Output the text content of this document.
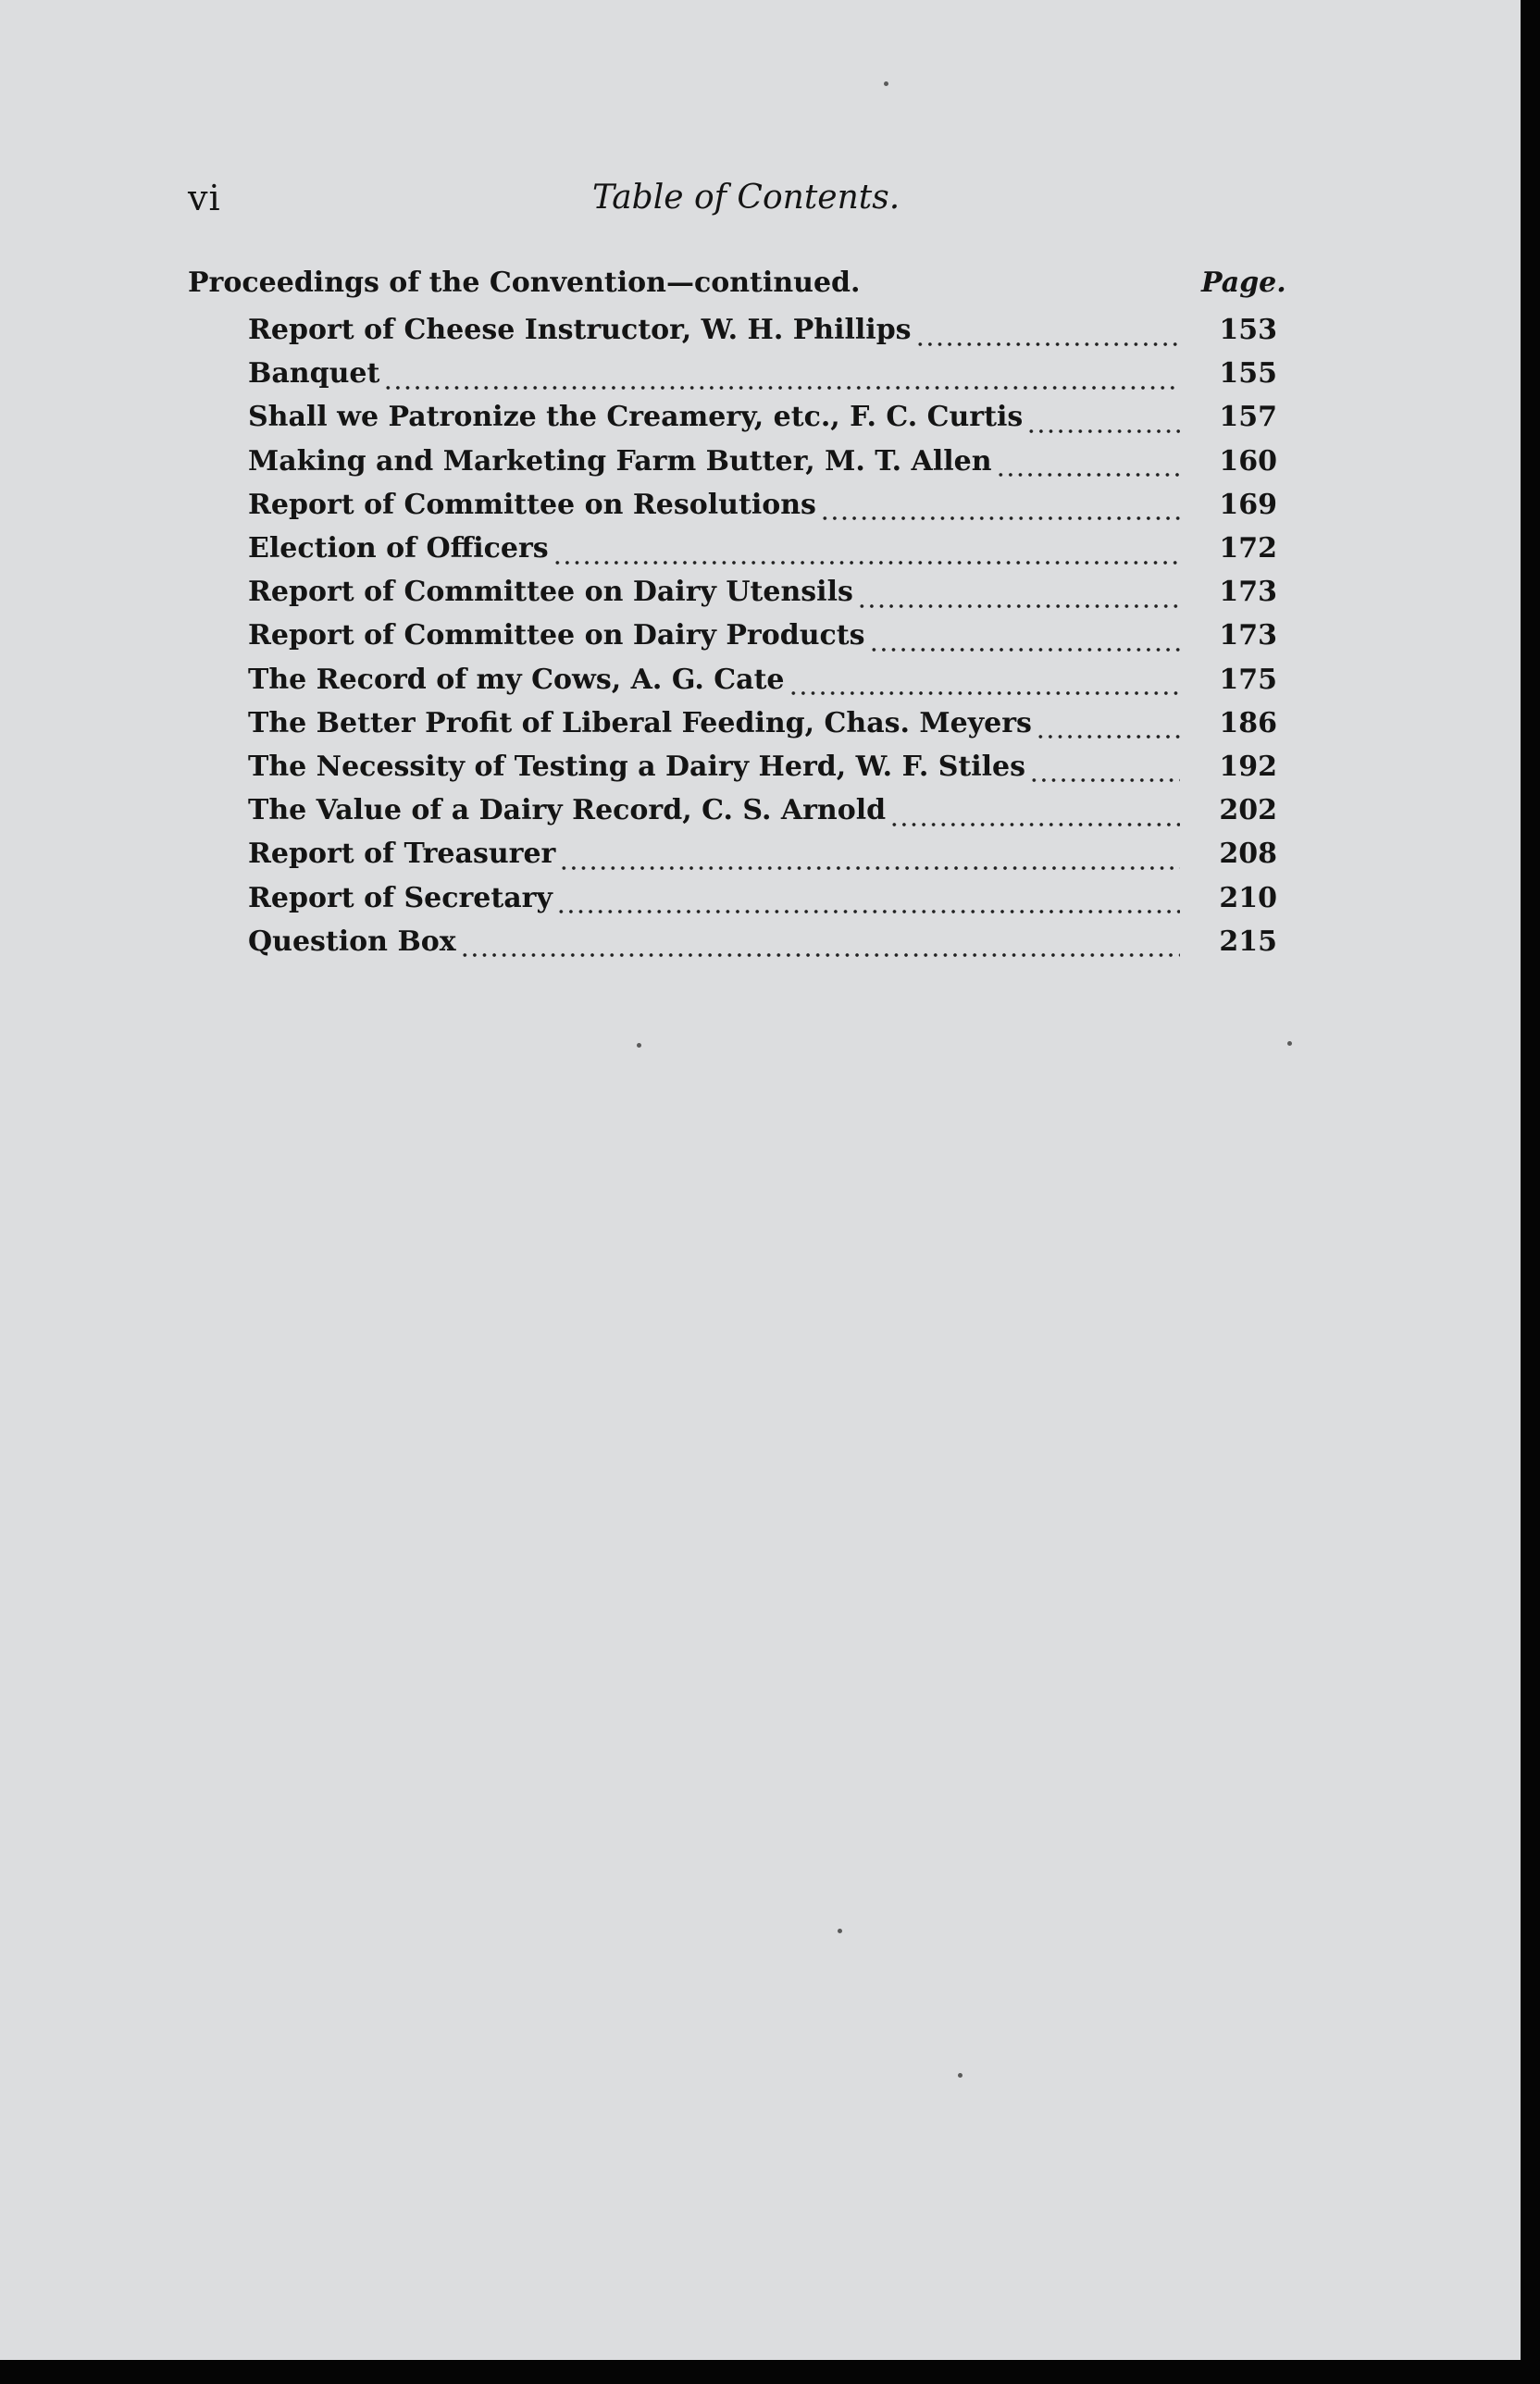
vi	Table of Contents.
Proceedings of the Convention—continued.	Page.
Report of Cheese Instructor, W. H. Phillips	153
Banquet	155
Shall we Patronize the Creamery, etc., F. C. Curtis	157
Making and Marketing Farm Butter, M. T. Allen	160
Report of Committee on Resolutions	169
Election of Officers	172
Report of Committee on Dairy Utensils	173
Report of Committee on Dairy Products	173
The Record of my Cows, A. G. Cate	175
The Better Profit of Liberal Feeding, Chas. Meyers	186
The Necessity of Testing a Dairy Herd, W. F. Stiles	192
The Value of a Dairy Record, C. S. Arnold	202
Report of Treasurer	208
Report of Secretary	210
Question Box	215
